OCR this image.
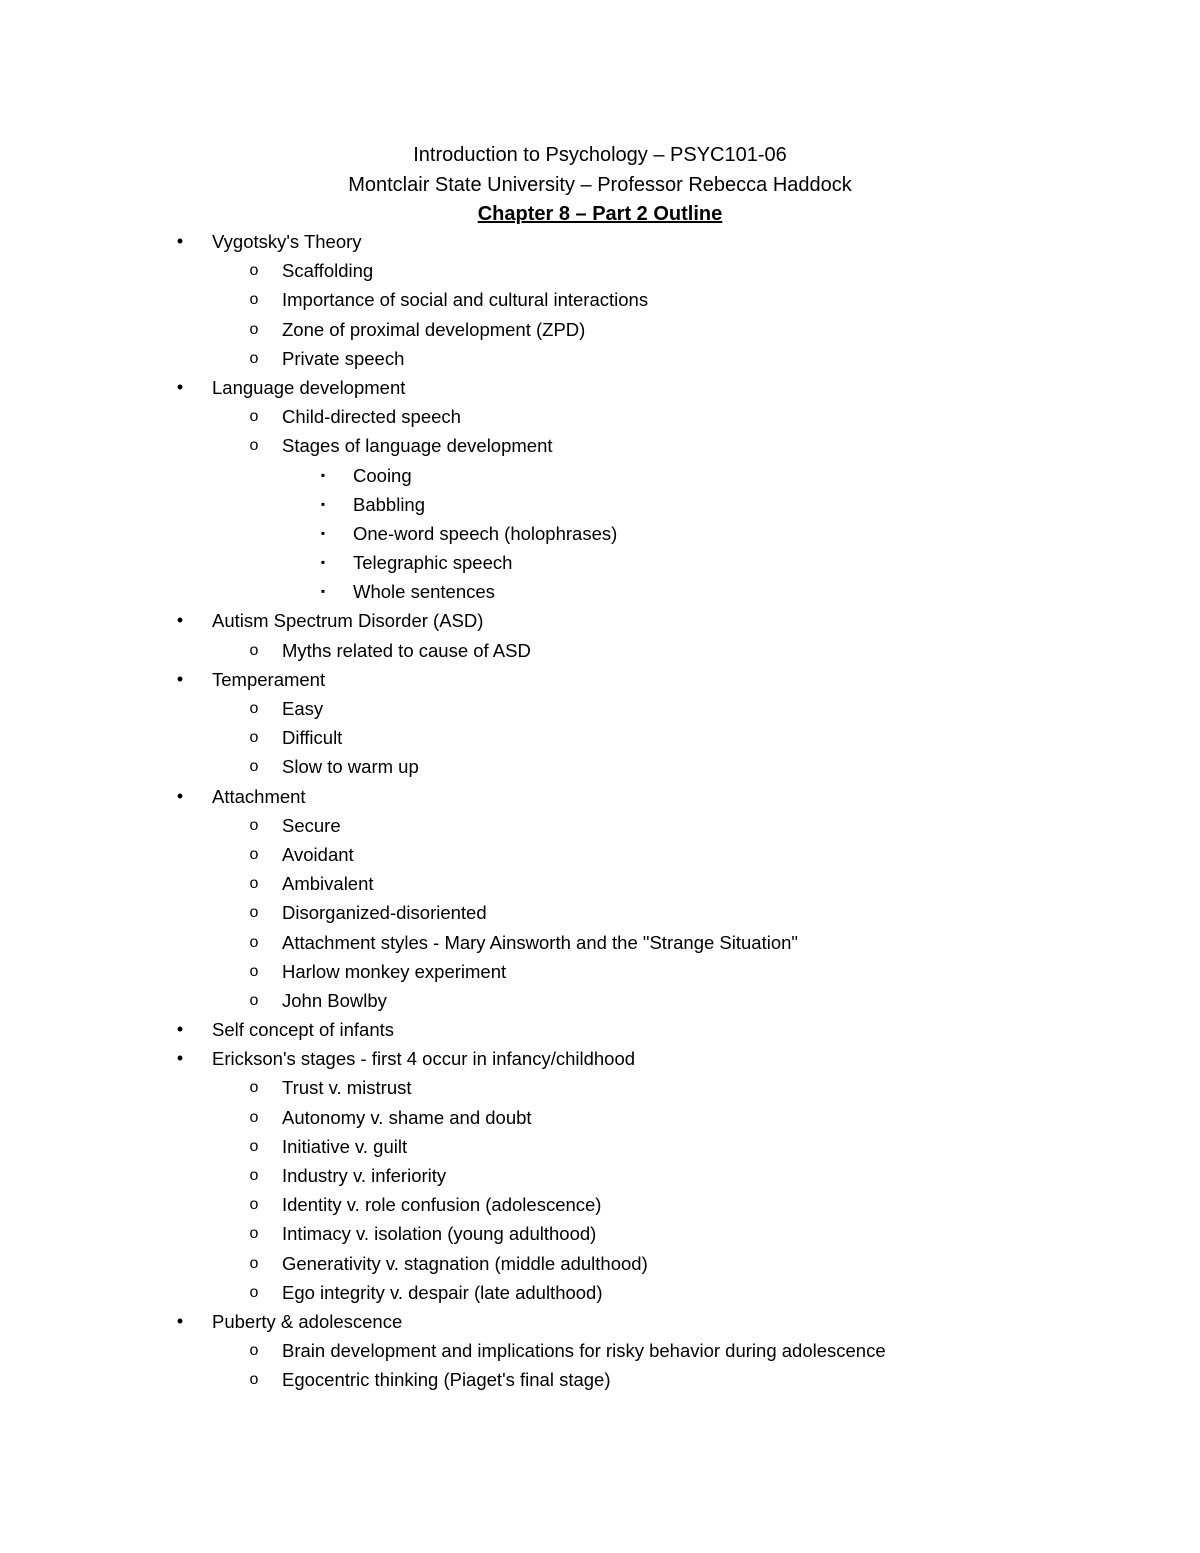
Introduction to Psychology – PSYC101-06
Montclair State University – Professor Rebecca Haddock
Chapter 8 – Part 2 Outline
•	Vygotsky's Theory
o Scaffolding
o Importance of social and cultural interactions
o Zone of proximal development (ZPD)
o Private speech
•	Language development
o Child-directed speech
o Stages of language development
▪	Cooing
▪	Babbling
▪	One-word speech (holophrases)
▪	Telegraphic speech
▪	Whole sentences
•	Autism Spectrum Disorder (ASD)
o Myths related to cause of ASD
•	Temperament
o Easy
o Difficult
o Slow to warm up
•	Attachment
o Secure
o Avoidant
o Ambivalent
o Disorganized-disoriented
o Attachment styles - Mary Ainsworth and the "Strange Situation"
o Harlow monkey experiment
o John Bowlby
•	Self concept of infants
•	Erickson's stages - first 4 occur in infancy/childhood
o Trust v. mistrust
o Autonomy v. shame and doubt
o Initiative v. guilt
o Industry v. inferiority
o Identity v. role confusion (adolescence)
o Intimacy v. isolation (young adulthood)
o Generativity v. stagnation (middle adulthood)
o Ego integrity v. despair (late adulthood)
•	Puberty & adolescence
o Brain development and implications for risky behavior during adolescence
o Egocentric thinking (Piaget's final stage)
